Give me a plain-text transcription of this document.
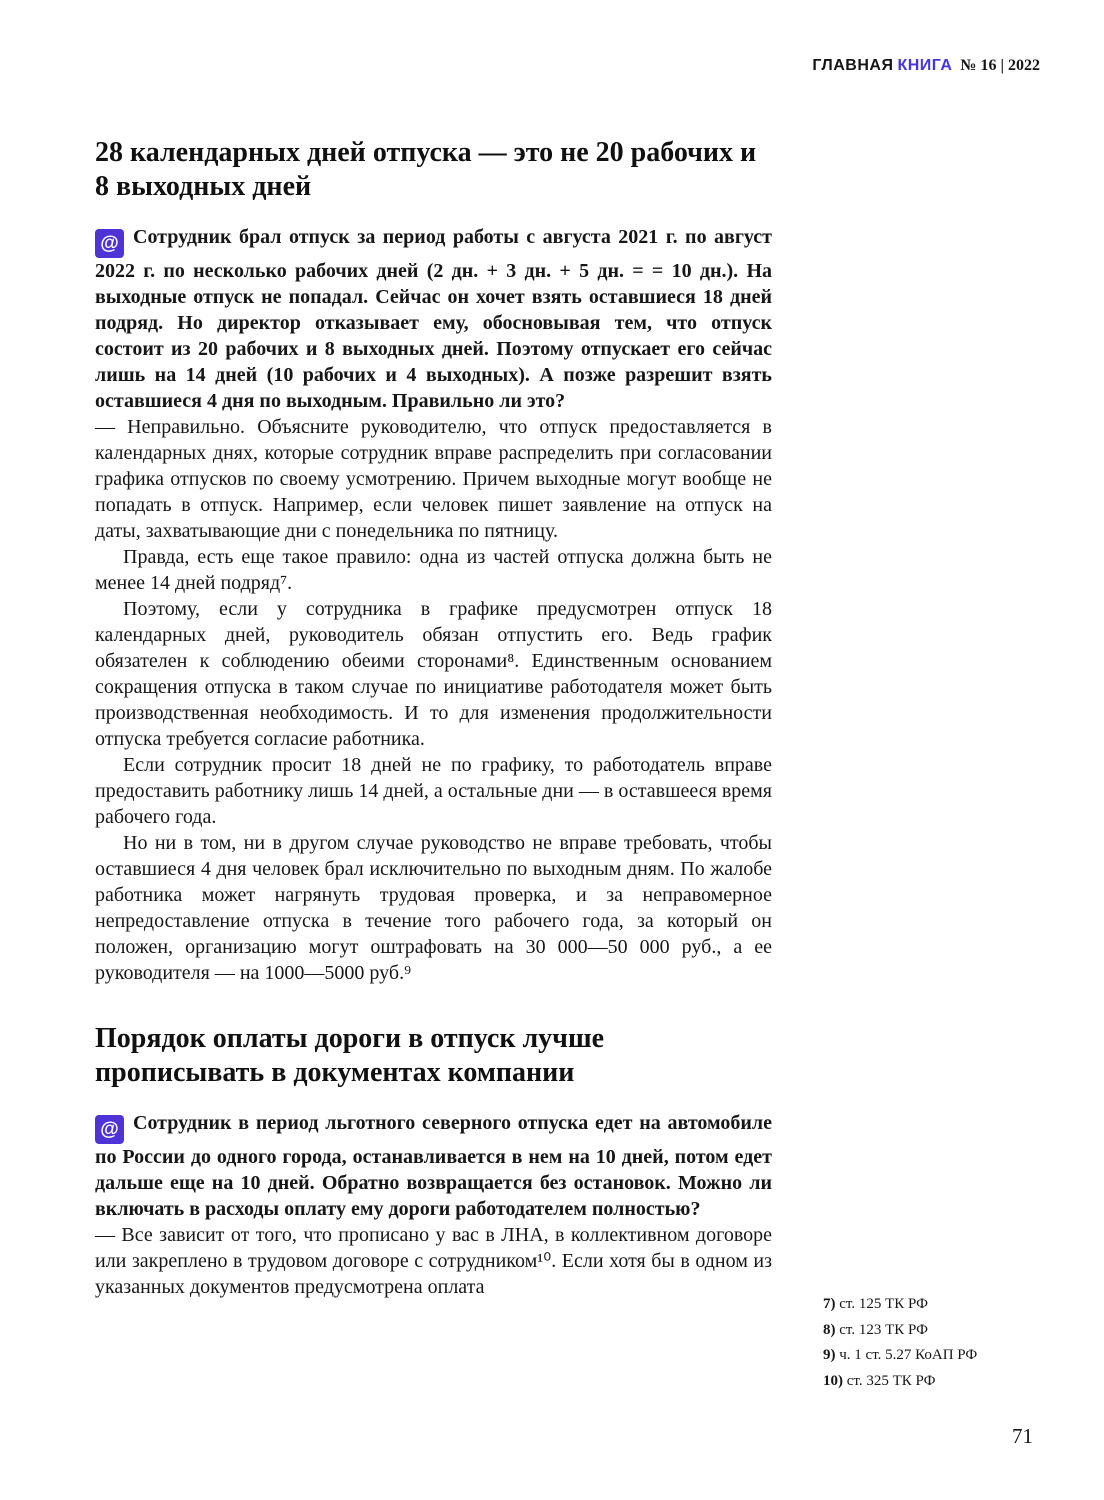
ГЛАВНАЯ КНИГА № 16 | 2022
28 календарных дней отпуска — это не 20 рабочих и 8 выходных дней

@ Сотрудник брал отпуск за период работы с августа 2021 г. по август 2022 г. по несколько рабочих дней (2 дн. + 3 дн. + 5 дн. = = 10 дн.). На выходные отпуск не попадал. Сейчас он хочет взять оставшиеся 18 дней подряд. Но директор отказывает ему, обосновывая тем, что отпуск состоит из 20 рабочих и 8 выходных дней. Поэтому отпускает его сейчас лишь на 14 дней (10 рабочих и 4 выходных). А позже разрешит взять оставшиеся 4 дня по выходным. Правильно ли это?

— Неправильно. Объясните руководителю, что отпуск предоставляется в календарных днях, которые сотрудник вправе распределить при согласовании графика отпусков по своему усмотрению. Причем выходные могут вообще не попадать в отпуск. Например, если человек пишет заявление на отпуск на даты, захватывающие дни с понедельника по пятницу.

Правда, есть еще такое правило: одна из частей отпуска должна быть не менее 14 дней подряд⁷.

Поэтому, если у сотрудника в графике предусмотрен отпуск 18 календарных дней, руководитель обязан отпустить его. Ведь график обязателен к соблюдению обеими сторонами⁸. Единственным основанием сокращения отпуска в таком случае по инициативе работодателя может быть производственная необходимость. И то для изменения продолжительности отпуска требуется согласие работника.

Если сотрудник просит 18 дней не по графику, то работодатель вправе предоставить работнику лишь 14 дней, а остальные дни — в оставшееся время рабочего года.

Но ни в том, ни в другом случае руководство не вправе требовать, чтобы оставшиеся 4 дня человек брал исключительно по выходным дням. По жалобе работника может нагрянуть трудовая проверка, и за неправомерное непредоставление отпуска в течение того рабочего года, за который он положен, организацию могут оштрафовать на 30 000—50 000 руб., а ее руководителя — на 1000—5000 руб.⁹

Порядок оплаты дороги в отпуск лучше прописывать в документах компании

@ Сотрудник в период льготного северного отпуска едет на автомобиле по России до одного города, останавливается в нем на 10 дней, потом едет дальше еще на 10 дней. Обратно возвращается без остановок. Можно ли включать в расходы оплату ему дороги работодателем полностью?

— Все зависит от того, что прописано у вас в ЛНА, в коллективном договоре или закреплено в трудовом договоре с сотрудником¹⁰. Если хотя бы в одном из указанных документов предусмотрена оплата

7) ст. 125 ТК РФ
8) ст. 123 ТК РФ
9) ч. 1 ст. 5.27 КоАП РФ
10) ст. 325 ТК РФ
71
